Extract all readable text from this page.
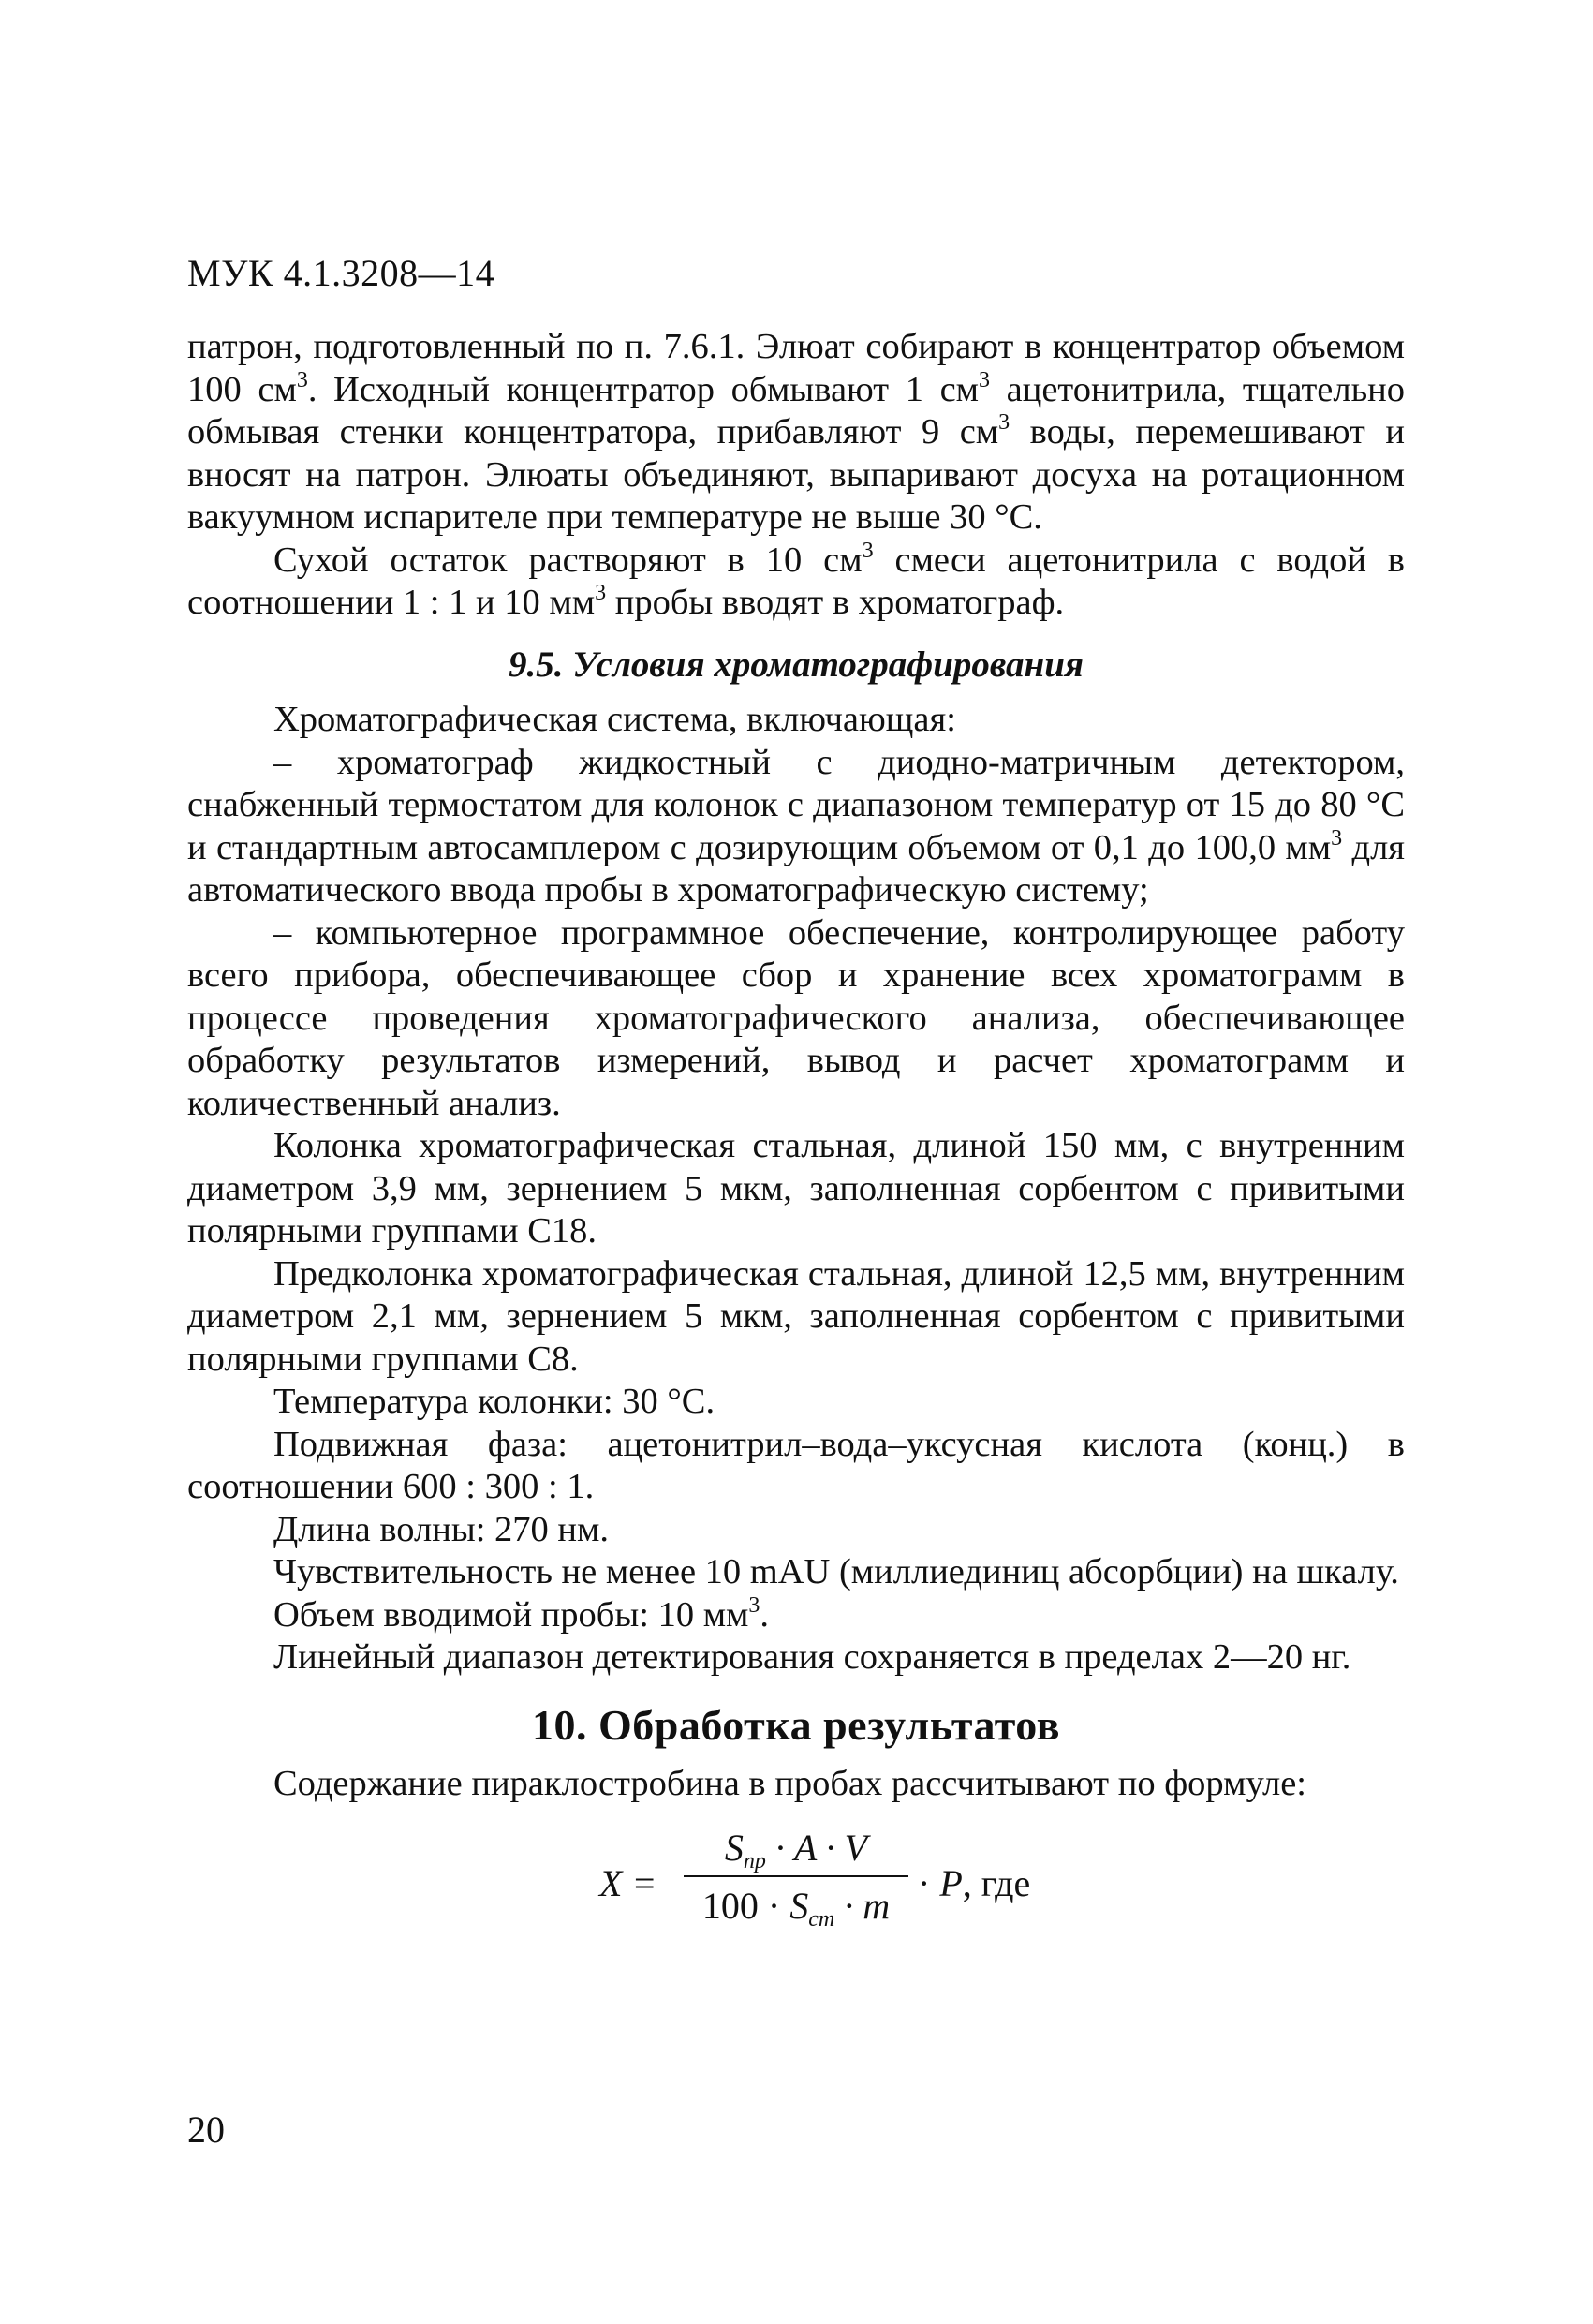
МУК 4.1.3208—14

патрон, подготовленный по п. 7.6.1. Элюат собирают в концентратор объемом 100 $см^3$. Исходный концентратор обмывают 1 $см^3$ ацетонитрила, тщательно обмывая стенки концентратора, прибавляют 9 $см^3$ воды, перемешивают и вносят на патрон. Элюаты объединяют, выпаривают досуха на ротационном вакуумном испарителе при температуре не выше 30 °С.

Сухой остаток растворяют в 10 $см^3$ смеси ацетонитрила с водой в соотношении 1 : 1 и 10 $мм^3$ пробы вводят в хроматограф.

9.5. Условия хроматографирования

Хроматографическая система, включающая:

– хроматограф жидкостный с диодно-матричным детектором, снабженный термостатом для колонок с диапазоном температур от 15 до 80 °С и стандартным автосамплером с дозирующим объемом от 0,1 до 100,0 $мм^3$ для автоматического ввода пробы в хроматографическую систему;

– компьютерное программное обеспечение, контролирующее работу всего прибора, обеспечивающее сбор и хранение всех хроматограмм в процессе проведения хроматографического анализа, обеспечивающее обработку результатов измерений, вывод и расчет хроматограмм и количественный анализ.

Колонка хроматографическая стальная, длиной 150 мм, с внутренним диаметром 3,9 мм, зернением 5 мкм, заполненная сорбентом с привитыми полярными группами С18.

Предколонка хроматографическая стальная, длиной 12,5 мм, внутренним диаметром 2,1 мм, зернением 5 мкм, заполненная сорбентом с привитыми полярными группами С8.

Температура колонки: 30 °С.

Подвижная фаза: ацетонитрил–вода–уксусная кислота (конц.) в соотношении 600 : 300 : 1.

Длина волны: 270 нм.

Чувствительность не менее 10 mAU (миллиединиц абсорбции) на шкалу.

Объем вводимой пробы: 10 $мм^3$.

Линейный диапазон детектирования сохраняется в пределах 2—20 нг.

10. Обработка результатов

Содержание пираклостробина в пробах рассчитывают по формуле:

X =
$S_{пр} \cdot A \cdot V$
$100 \cdot S_{ст} \cdot m$
· P, где
20
